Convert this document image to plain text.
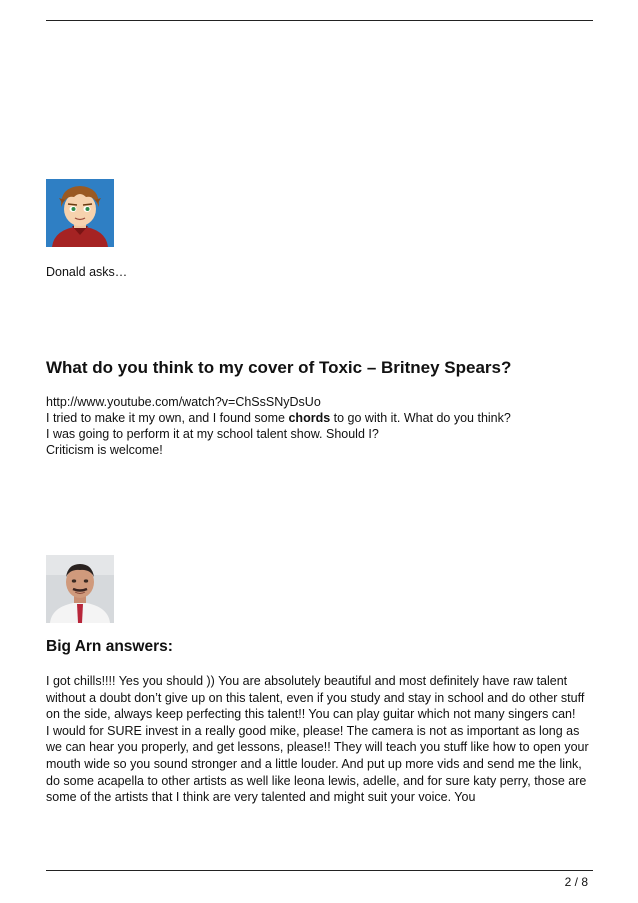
Donald asks…
What do you think to my cover of Toxic – Britney Spears?

http://www.youtube.com/watch?v=ChSsSNyDsUo

I tried to make it my own, and I found some chords to go with it. What do you think?

I was going to perform it at my school talent show. Should I?

Criticism is welcome!

Big Arn answers:

I got chills!!!! Yes you should )) You are absolutely beautiful and most definitely have raw talent without a doubt don’t give up on this talent, even if you study and stay in school and do other stuff on the side, always keep perfecting this talent!! You can play guitar which not many singers can!

I would for SURE invest in a really good mike, please! The camera is not as important as long as we can hear you properly, and get lessons, please!! They will teach you stuff like how to open your mouth wide so you sound stronger and a little louder. And put up more vids and send me the link, do some acapella to other artists as well like leona lewis, adelle, and for sure katy perry, those are some of the artists that I think are very talented and might suit your voice. You

2 / 8
